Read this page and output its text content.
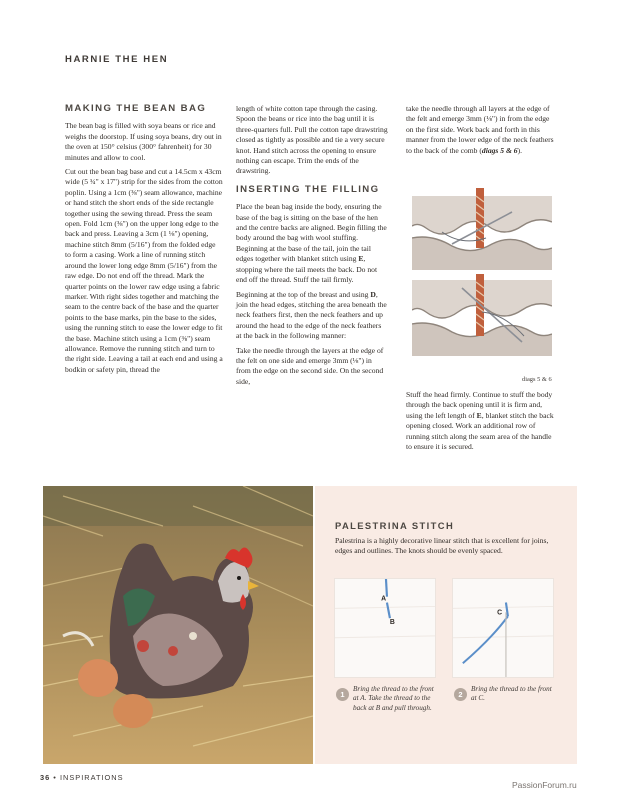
HARNIE THE HEN
MAKING THE BEAN BAG

The bean bag is filled with soya beans or rice and weighs the doorstop. If using soya beans, dry out in the oven at 150° celsius (300° fahrenheit) for 30 minutes and allow to cool.

Cut out the bean bag base and cut a 14.5cm x 43cm wide (5 ¾" x 17") strip for the sides from the cotton poplin. Using a 1cm (⅜") seam allowance, machine or hand stitch the short ends of the side rectangle together using the sewing thread. Press the seam open. Fold 1cm (⅜") on the upper long edge to the back and press. Leaving a 3cm (1 ⅛") opening, machine stitch 8mm (5/16") from the folded edge to form a casing. Work a line of running stitch around the lower long edge 8mm (5/16") from the raw edge. Do not end off the thread. Mark the quarter points on the lower raw edge using a fabric marker. With right sides together and matching the seam to the centre back of the base and the quarter points to the base marks, pin the base to the sides, using the running stitch to ease the lower edge to fit the base. Machine stitch using a 1cm (⅜") seam allowance. Remove the running stitch and turn to the right side. Leaving a tail at each end and using a bodkin or safety pin, thread the

length of white cotton tape through the casing. Spoon the beans or rice into the bag until it is three-quarters full. Pull the cotton tape drawstring closed as tightly as possible and tie a very secure knot. Hand stitch across the opening to ensure nothing can escape. Trim the ends of the drawstring.

INSERTING THE FILLING

Place the bean bag inside the body, ensuring the base of the bag is sitting on the base of the hen and the centre backs are aligned. Begin filling the body around the bag with wool stuffing. Beginning at the base of the tail, join the tail edges together with blanket stitch using E, stopping where the tail meets the back. Do not end off the thread. Stuff the tail firmly.

Beginning at the top of the breast and using D, join the head edges, stitching the area beneath the neck feathers first, then the neck feathers and up around the head to the edge of the neck feathers at the back in the following manner:

Take the needle through the layers at the edge of the felt on one side and emerge 3mm (⅛") in from the edge on the second side. On the second side,

take the needle through all layers at the edge of the felt and emerge 3mm (⅛") in from the edge on the first side. Work back and forth in this manner from the lower edge of the neck feathers to the back of the comb (diags 5 & 6).

Stuff the head firmly. Continue to stuff the body through the back opening until it is firm and, using the left length of E, blanket stitch the back opening closed. Work an additional row of running stitch along the seam area of the handle to ensure it is secured.

diags 5 & 6
PALESTRINA STITCH
Palestrina is a highly decorative linear stitch that is excellent for joins, edges and outlines. The knots should be evenly spaced.
A
B
C
1
Bring the thread to the front at A. Take the thread to the back at B and pull through.
2
Bring the thread to the front at C.
36 • INSPIRATIONS
PassionForum.ru
